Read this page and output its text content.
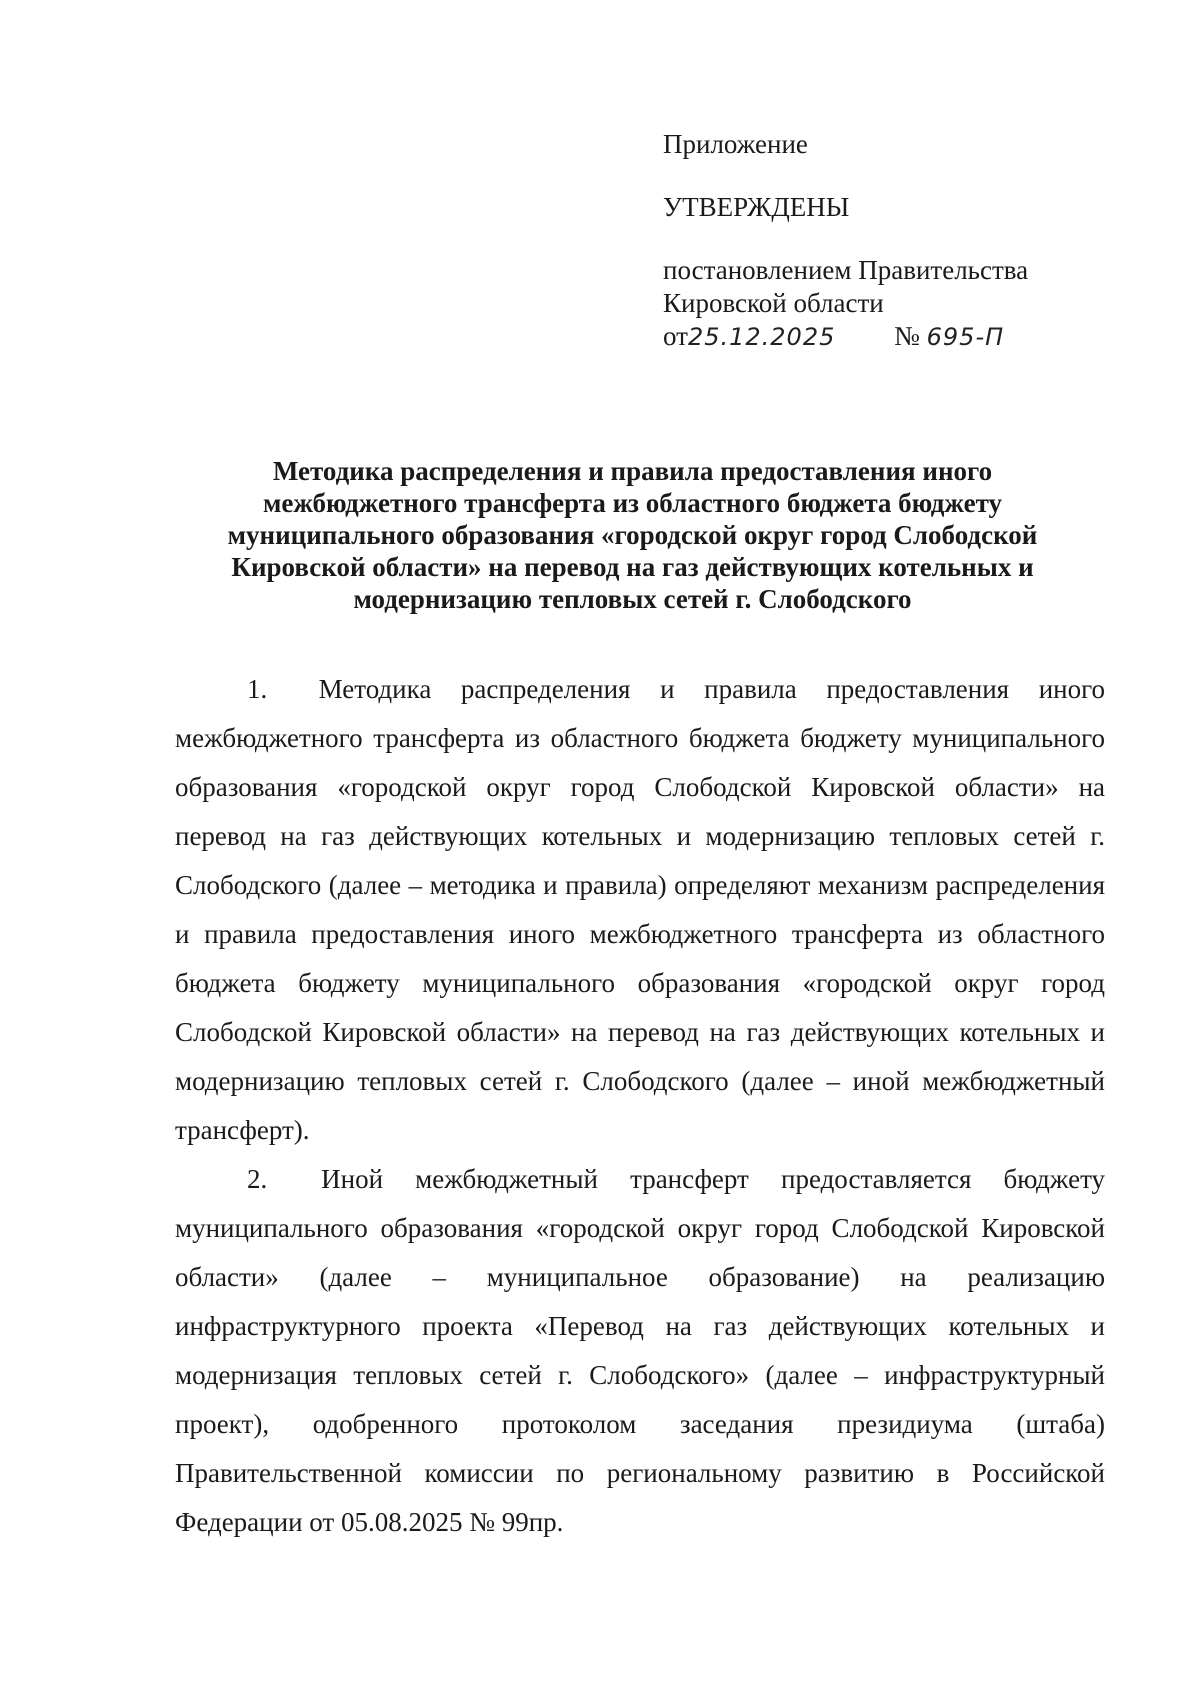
Приложение
УТВЕРЖДЕНЫ
постановлением Правительства
Кировской области
от25.12.2025 № 695-П
Методика распределения и правила предоставления иного
межбюджетного трансферта из областного бюджета бюджету
муниципального образования «городской округ город Слободской
Кировской области» на перевод на газ действующих котельных и
модернизацию тепловых сетей г. Слободского

1. Методика распределения и правила предоставления иного межбюджетного трансферта из областного бюджета бюджету муниципального образования «городской округ город Слободской Кировской области» на перевод на газ действующих котельных и модернизацию тепловых сетей г. Слободского (далее – методика и правила) определяют механизм распределения и правила предоставления иного межбюджетного трансферта из областного бюджета бюджету муниципального образования «городской округ город Слободской Кировской области» на перевод на газ действующих котельных и модернизацию тепловых сетей г. Слободского (далее – иной межбюджетный трансферт).

2. Иной межбюджетный трансферт предоставляется бюджету муниципального образования «городской округ город Слободской Кировской области» (далее – муниципальное образование) на реализацию инфраструктурного проекта «Перевод на газ действующих котельных и модернизация тепловых сетей г. Слободского» (далее – инфраструктурный проект), одобренного протоколом заседания президиума (штаба) Правительственной комиссии по региональному развитию в Российской Федерации от 05.08.2025 № 99пр.
